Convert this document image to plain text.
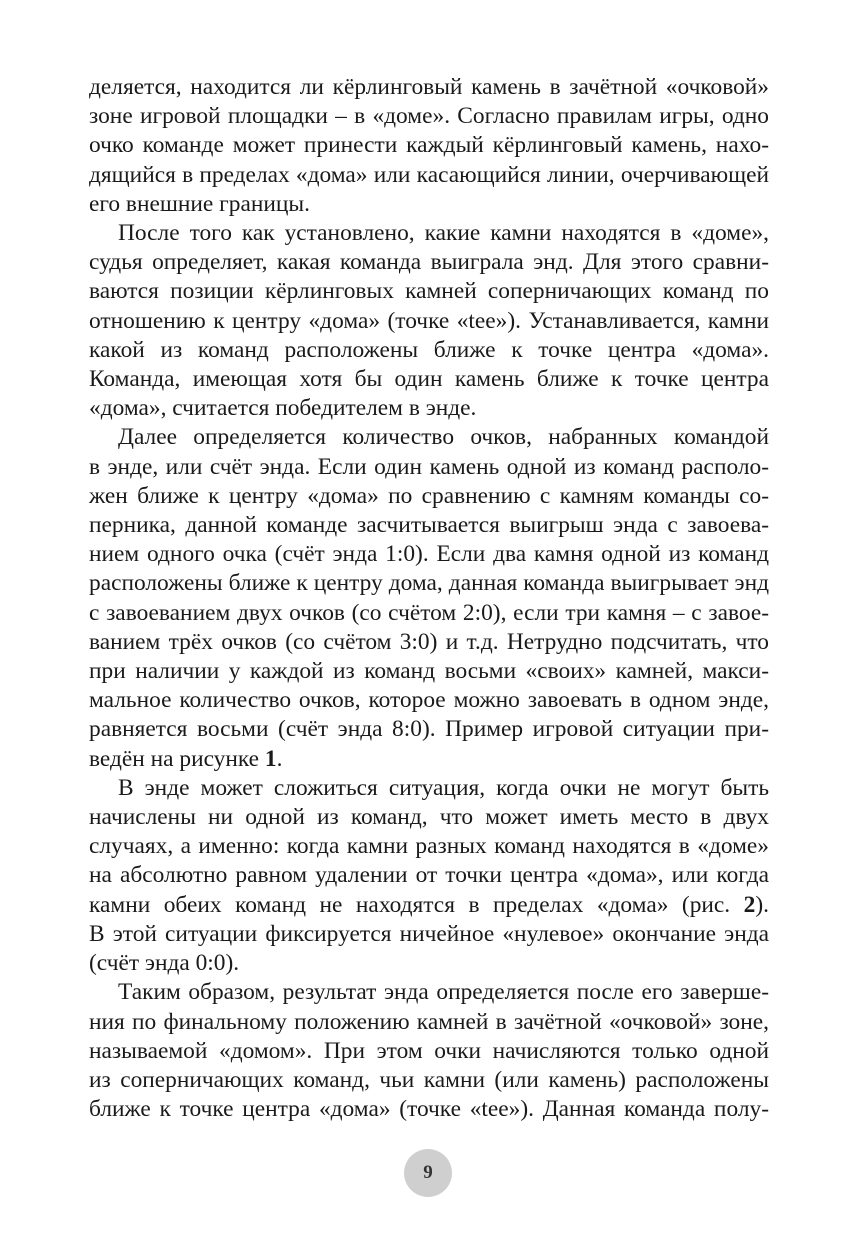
деляется, находится ли кёрлинговый камень в зачётной «очковой»
зоне игровой площадки – в «доме». Согласно правилам игры, одно
очко команде может принести каждый кёрлинговый камень, нахо-
дящийся в пределах «дома» или касающийся линии, очерчивающей
его внешние границы.

После того как установлено, какие камни находятся в «доме»,
судья определяет, какая команда выиграла энд. Для этого сравни-
ваются позиции кёрлинговых камней соперничающих команд по
отношению к центру «дома» (точке «tee»). Устанавливается, камни
какой из команд расположены ближе к точке центра «дома».
Команда, имеющая хотя бы один камень ближе к точке центра
«дома», считается победителем в энде.

Далее определяется количество очков, набранных командой
в энде, или счёт энда. Если один камень одной из команд располо-
жен ближе к центру «дома» по сравнению с камням команды со-
перника, данной команде засчитывается выигрыш энда с завоева-
нием одного очка (счёт энда 1:0). Если два камня одной из команд
расположены ближе к центру дома, данная команда выигрывает энд
с завоеванием двух очков (со счётом 2:0), если три камня – с завое-
ванием трёх очков (со счётом 3:0) и т.д. Нетрудно подсчитать, что
при наличии у каждой из команд восьми «своих» камней, макси-
мальное количество очков, которое можно завоевать в одном энде,
равняется восьми (счёт энда 8:0). Пример игровой ситуации при-
ведён на рисунке 1.

В энде может сложиться ситуация, когда очки не могут быть
начислены ни одной из команд, что может иметь место в двух
случаях, а именно: когда камни разных команд находятся в «доме»
на абсолютно равном удалении от точки центра «дома», или когда
камни обеих команд не находятся в пределах «дома» (рис. 2).
В этой ситуации фиксируется ничейное «нулевое» окончание энда
(счёт энда 0:0).

Таким образом, результат энда определяется после его заверше-
ния по финальному положению камней в зачётной «очковой» зоне,
называемой «домом». При этом очки начисляются только одной
из соперничающих команд, чьи камни (или камень) расположены
ближе к точке центра «дома» (точке «tee»). Данная команда полу-

9
